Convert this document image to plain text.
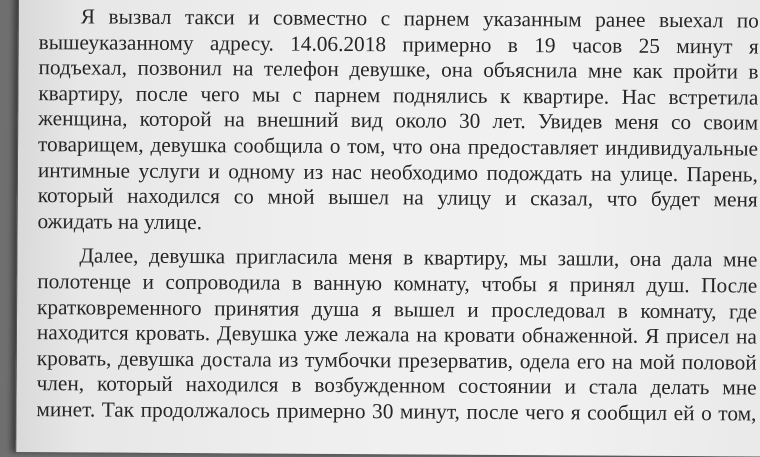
Я вызвал такси и совместно с парнем указанным ранее выехал по
вышеуказанному адресу. 14.06.2018 примерно в 19 часов 25 минут я
подъехал, позвонил на телефон девушке, она объяснила мне как пройти в
квартиру, после чего мы с парнем поднялись к квартире. Нас встретила
женщина, которой на внешний вид около 30 лет. Увидев меня со своим
товарищем, девушка сообщила о том, что она предоставляет индивидуальные
интимные услуги и одному из нас необходимо подождать на улице. Парень,
который находился со мной вышел на улицу и сказал, что будет меня
ожидать на улице.
Далее, девушка пригласила меня в квартиру, мы зашли, она дала мне
полотенце и сопроводила в ванную комнату, чтобы я принял душ. После
кратковременного принятия душа я вышел и проследовал в комнату, где
находится кровать. Девушка уже лежала на кровати обнаженной. Я присел на
кровать, девушка достала из тумбочки презерватив, одела его на мой половой
член, который находился в возбужденном состоянии и стала делать мне
минет. Так продолжалось примерно 30 минут, после чего я сообщил ей о том,
